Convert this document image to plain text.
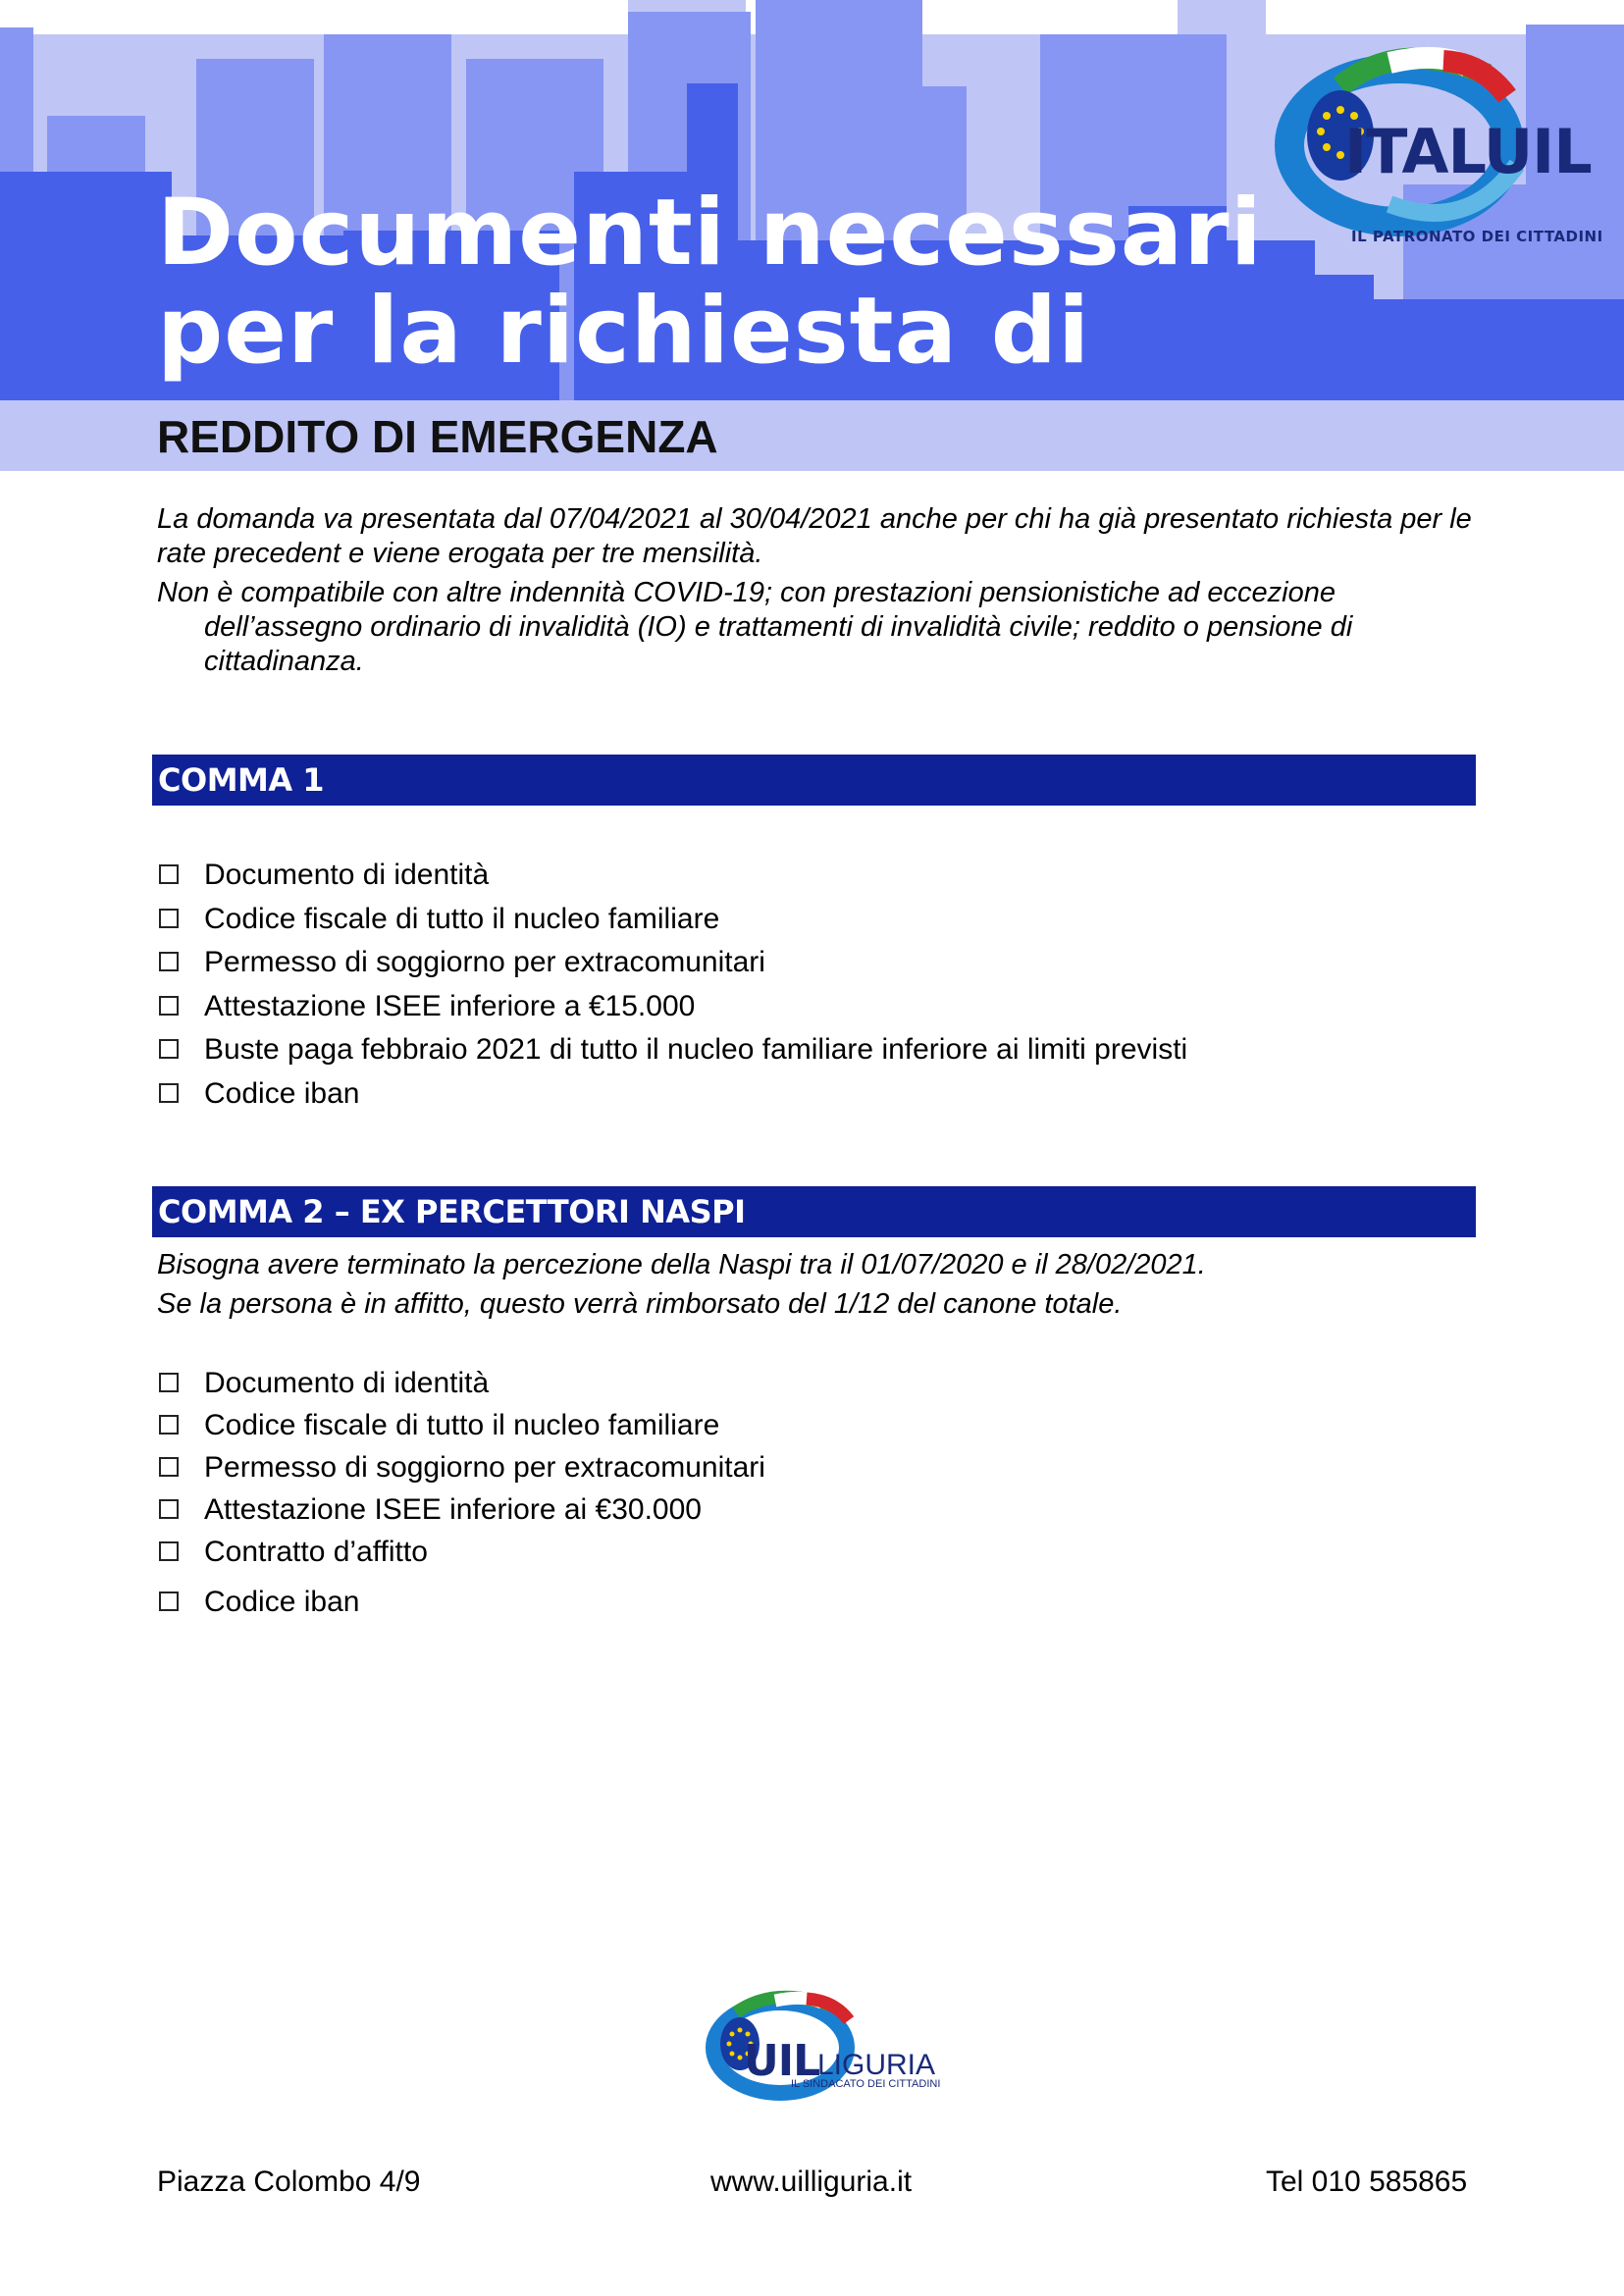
Documenti necessari
per la richiesta di
ITALUIL
IL PATRONATO DEI CITTADINI
REDDITO DI EMERGENZA

La domanda va presentata dal 07/04/2021 al 30/04/2021 anche per chi ha già presentato richiesta per le rate precedent e viene erogata per tre mensilità.

Non è compatibile con altre indennità COVID-19; con prestazioni pensionistiche ad eccezione dell’assegno ordinario di invalidità (IO) e trattamenti di invalidità civile; reddito o pensione di cittadinanza.

COMMA 1
Documento di identità
Codice fiscale di tutto il nucleo familiare
Permesso di soggiorno per extracomunitari
Attestazione ISEE inferiore a €15.000
Buste paga febbraio 2021 di tutto il nucleo familiare inferiore ai limiti previsti
Codice iban
COMMA 2 – EX PERCETTORI NASPI
Bisogna avere terminato la percezione della Naspi tra il 01/07/2020 e il 28/02/2021.
Se la persona è in affitto, questo verrà rimborsato del 1/12 del canone totale.
Documento di identità
Codice fiscale di tutto il nucleo familiare
Permesso di soggiorno per extracomunitari
Attestazione ISEE inferiore ai €30.000
Contratto d’affitto
Codice iban
UIL
LIGURIA
IL SINDACATO DEI CITTADINI
Piazza Colombo 4/9	www.uilliguria.it	Tel 010 585865
